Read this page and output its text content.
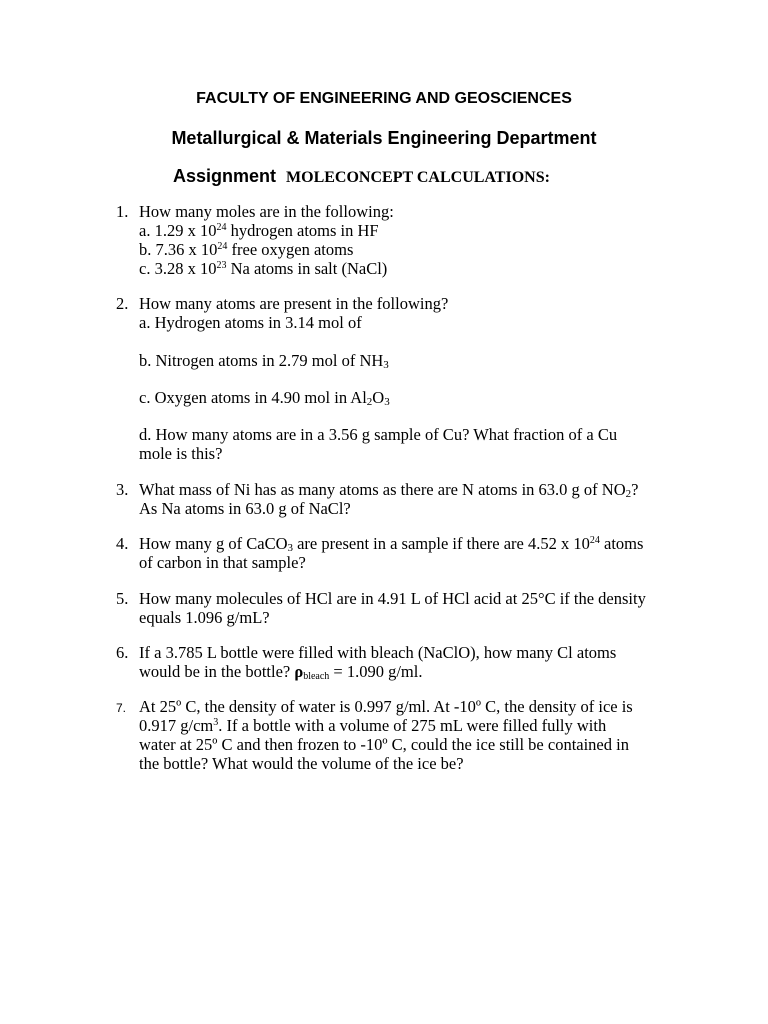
FACULTY OF ENGINEERING AND GEOSCIENCES
Metallurgical & Materials Engineering Department
Assignment MOLECONCEPT CALCULATIONS:
1. How many moles are in the following:
a. 1.29 x $10^{24}$ hydrogen atoms in HF
b. 7.36 x $10^{24}$ free oxygen atoms
c. 3.28 x $10^{23}$ Na atoms in salt (NaCl)
2. How many atoms are present in the following?
a. Hydrogen atoms in 3.14 mol of
b. Nitrogen atoms in 2.79 mol of $NH_3$
c. Oxygen atoms in 4.90 mol in $Al_2O_3$
d. How many atoms are in a 3.56 g sample of Cu? What fraction of a Cu
mole is this?
3. What mass of Ni has as many atoms as there are N atoms in 63.0 g of $NO_2$?
As Na atoms in 63.0 g of NaCl?
4. How many g of CaCO$_3$ are present in a sample if there are 4.52 x $10^{24}$ atoms
of carbon in that sample?
5. How many molecules of HCl are in 4.91 L of HCl acid at 25°C if the density
equals 1.096 g/mL?
6. If a 3.785 L bottle were filled with bleach (NaClO), how many Cl atoms
would be in the bottle? ρbleach = 1.090 g/ml.
7. At 25º C, the density of water is 0.997 g/ml. At -10º C, the density of ice is
0.917 $g/cm^3$. If a bottle with a volume of 275 mL were filled fully with
water at 25º C and then frozen to -10º C, could the ice still be contained in
the bottle? What would the volume of the ice be?
